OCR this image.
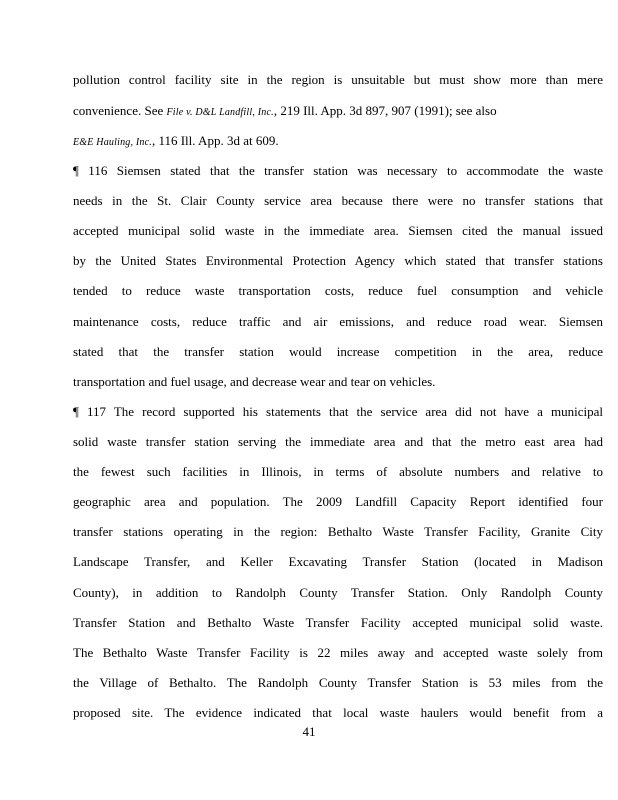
pollution control facility site in the region is unsuitable but must show more than mere
convenience. See File v. D&L Landfill, Inc., 219 Ill. App. 3d 897, 907 (1991); see also
E&E Hauling, Inc., 116 Ill. App. 3d at 609.
¶ 116 Siemsen stated that the transfer station was necessary to accommodate the waste
needs in the St. Clair County service area because there were no transfer stations that
accepted municipal solid waste in the immediate area. Siemsen cited the manual issued
by the United States Environmental Protection Agency which stated that transfer stations
tended to reduce waste transportation costs, reduce fuel consumption and vehicle
maintenance costs, reduce traffic and air emissions, and reduce road wear. Siemsen
stated that the transfer station would increase competition in the area, reduce
transportation and fuel usage, and decrease wear and tear on vehicles.
¶ 117 The record supported his statements that the service area did not have a municipal
solid waste transfer station serving the immediate area and that the metro east area had
the fewest such facilities in Illinois, in terms of absolute numbers and relative to
geographic area and population. The 2009 Landfill Capacity Report identified four
transfer stations operating in the region: Bethalto Waste Transfer Facility, Granite City
Landscape Transfer, and Keller Excavating Transfer Station (located in Madison
County), in addition to Randolph County Transfer Station. Only Randolph County
Transfer Station and Bethalto Waste Transfer Facility accepted municipal solid waste.
The Bethalto Waste Transfer Facility is 22 miles away and accepted waste solely from
the Village of Bethalto. The Randolph County Transfer Station is 53 miles from the
proposed site. The evidence indicated that local waste haulers would benefit from a
41
